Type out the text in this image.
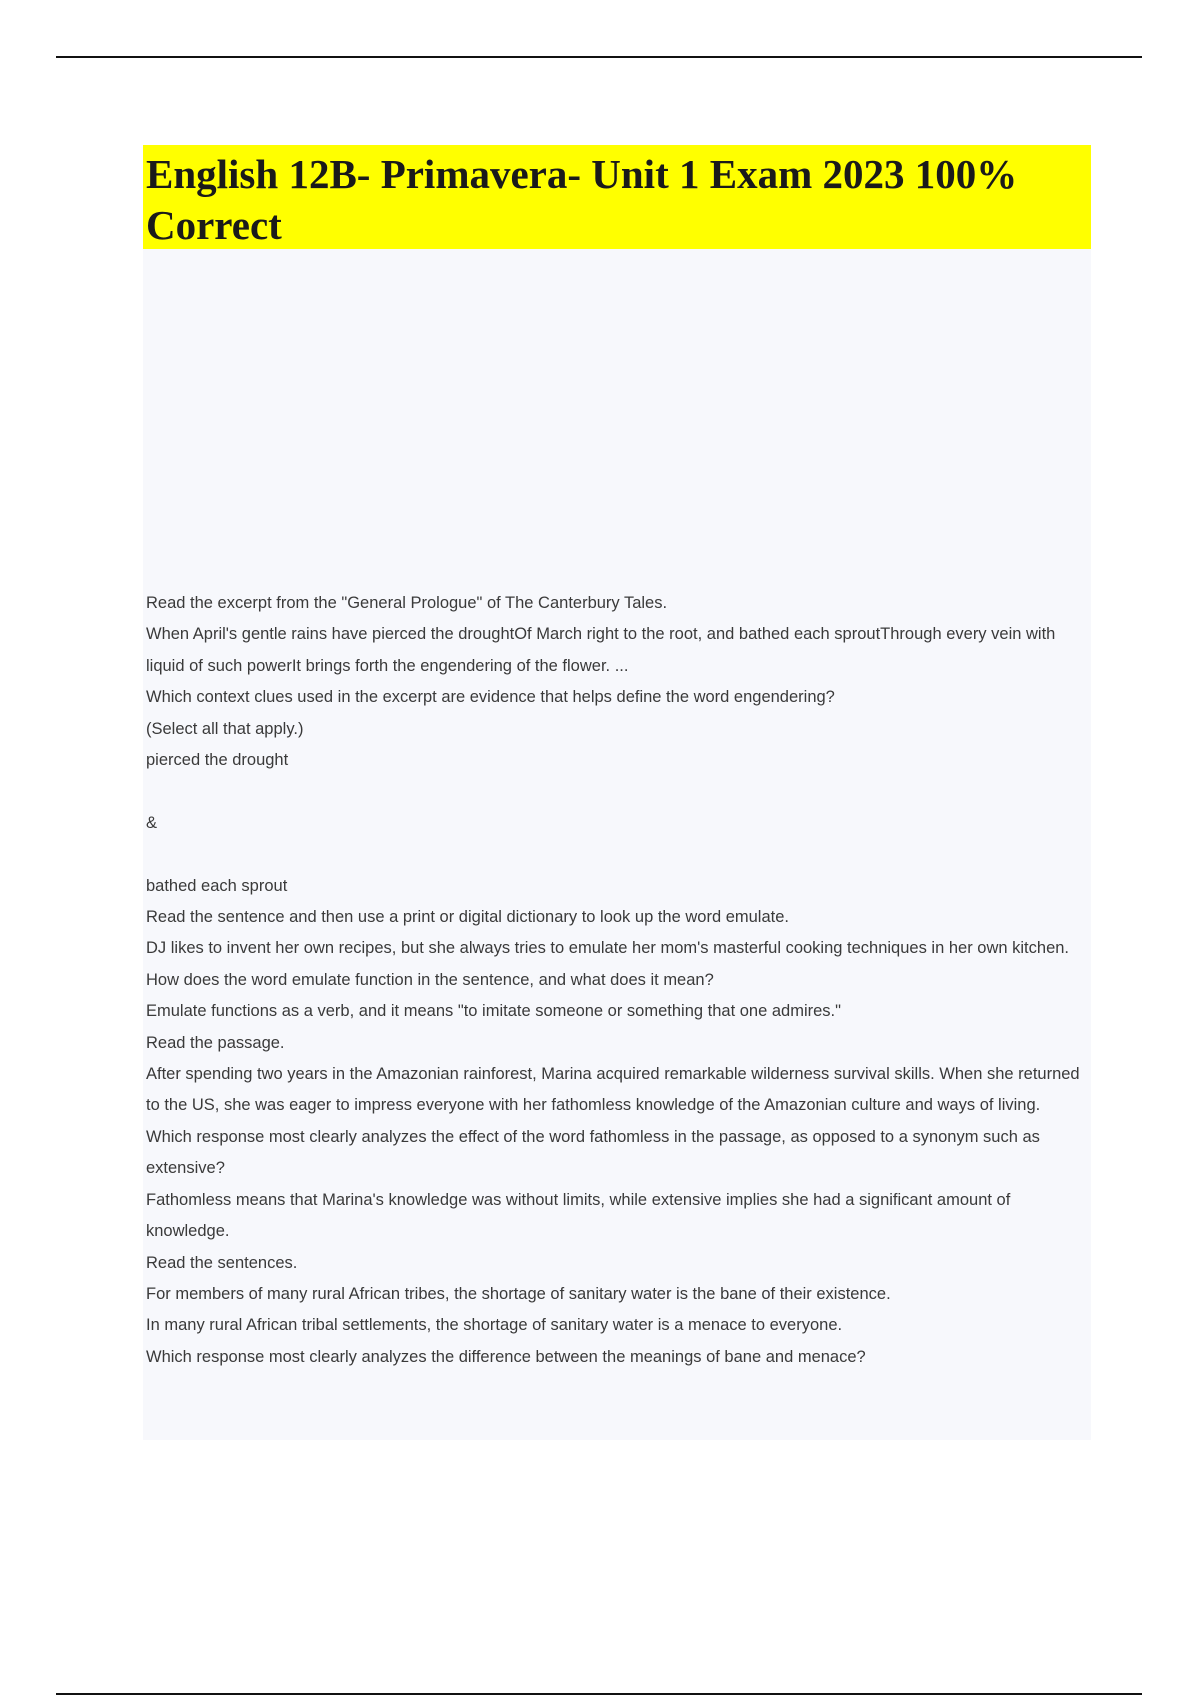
English 12B- Primavera- Unit 1 Exam 2023 100% Correct

Read the excerpt from the "General Prologue" of The Canterbury Tales.

When April's gentle rains have pierced the droughtOf March right to the root, and bathed each sproutThrough every vein with liquid of such powerIt brings forth the engendering of the flower. ...

Which context clues used in the excerpt are evidence that helps define the word engendering?

(Select all that apply.)

pierced the drought

&

bathed each sprout

Read the sentence and then use a print or digital dictionary to look up the word emulate.

DJ likes to invent her own recipes, but she always tries to emulate her mom's masterful cooking techniques in her own kitchen.

How does the word emulate function in the sentence, and what does it mean?

Emulate functions as a verb, and it means "to imitate someone or something that one admires."

Read the passage.

After spending two years in the Amazonian rainforest, Marina acquired remarkable wilderness survival skills. When she returned to the US, she was eager to impress everyone with her fathomless knowledge of the Amazonian culture and ways of living.

Which response most clearly analyzes the effect of the word fathomless in the passage, as opposed to a synonym such as extensive?

Fathomless means that Marina's knowledge was without limits, while extensive implies she had a significant amount of knowledge.

Read the sentences.

For members of many rural African tribes, the shortage of sanitary water is the bane of their existence.

In many rural African tribal settlements, the shortage of sanitary water is a menace to everyone.

Which response most clearly analyzes the difference between the meanings of bane and menace?
